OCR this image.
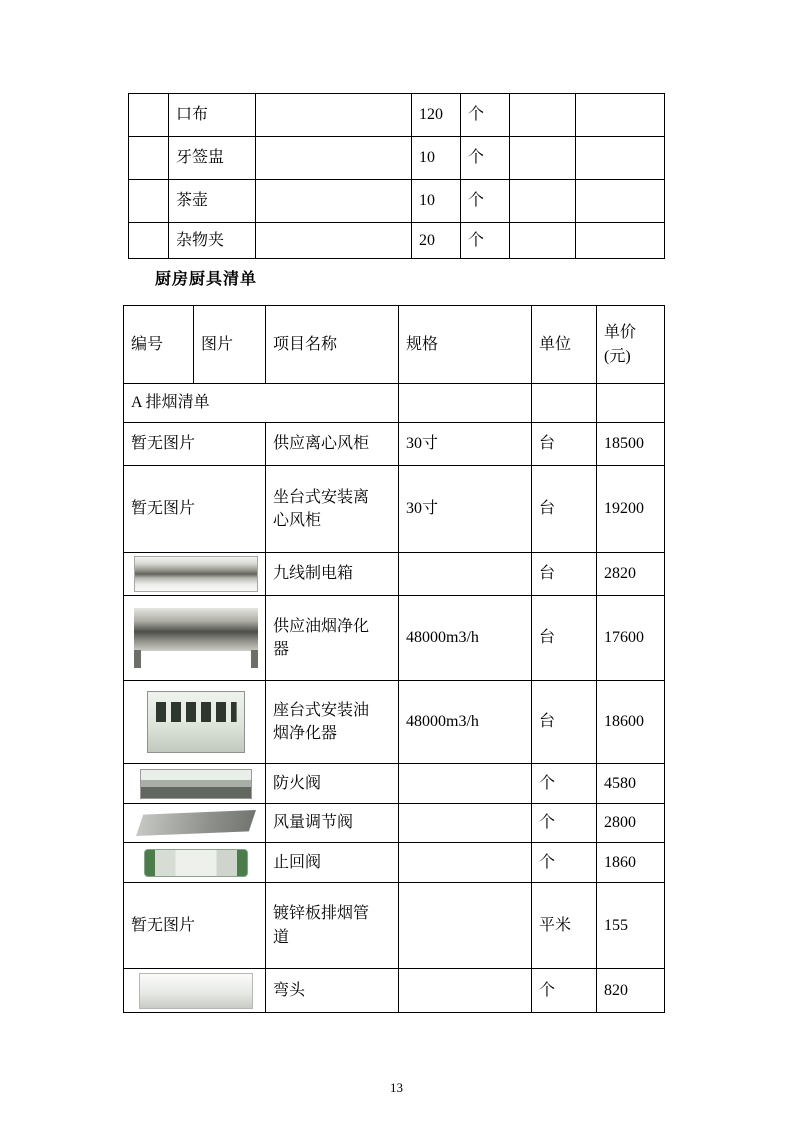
	口布		120	个		
	牙签盅		10	个		
	茶壶		10	个		
	杂物夹		20	个		
厨房厨具清单
编号	图片	项目名称	规格	单位	单价
(元)

A 排烟清单					
暂无图片		供应离心风柜	30寸	台	18500
暂无图片		坐台式安装离心风柜	30寸	台	19200

		九线制电箱		台	2820

		供应油烟净化器	48000m3/h	台	17600

		座台式安装油烟净化器	48000m3/h	台	18600

		防火阀		个	4580

		风量调节阀		个	2800

		止回阀		个	1860
暂无图片		镀锌板排烟管道		平米	155

		弯头		个	820
13
